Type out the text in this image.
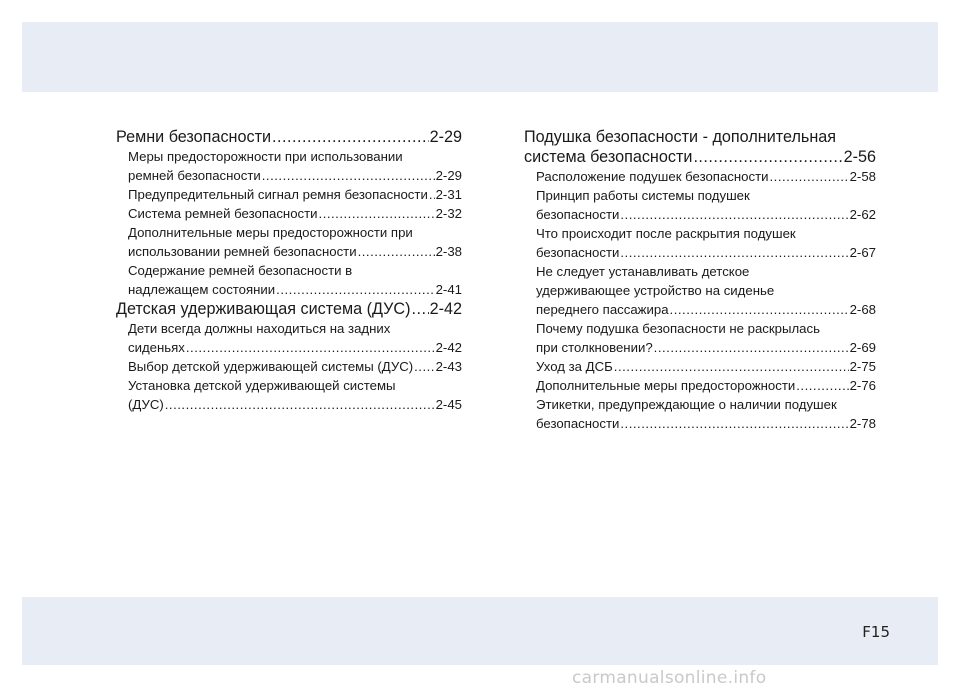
Ремни безопасности .....	2-29
Меры предосторожности при использовании
ремней безопасности .....	2-29
Предупредительный сигнал ремня безопасности ..... 2-31
Система ремней безопасности .....	2-32
Дополнительные меры предосторожности при
использовании ремней безопасности .....	2-38
Содержание ремней безопасности в
надлежащем состоянии .....	2-41
Детская удерживающая система (ДУС) ..... 2-42
Дети всегда должны находиться на задних
сиденьях .....	2-42
Выбор детской удерживающей системы (ДУС) ..... 2-43
Установка детской удерживающей системы
(ДУС) .....	2-45
Подушка безопасности - дополнительная
система безопасности .....	2-56
Расположение подушек безопасности .....	2-58
Принцип работы системы подушек
безопасности .....	2-62
Что происходит после раскрытия подушек
безопасности .....	2-67
Не следует устанавливать детское
удерживающее устройство на сиденье
переднего пассажира .....	2-68
Почему подушка безопасности не раскрылась
при столкновении? .....	2-69
Уход за ДСБ .....	2-75
Дополнительные меры предосторожности .....	2-76
Этикетки, предупреждающие о наличии подушек
безопасности .....	2-78
F15
carmanualsonline.info
